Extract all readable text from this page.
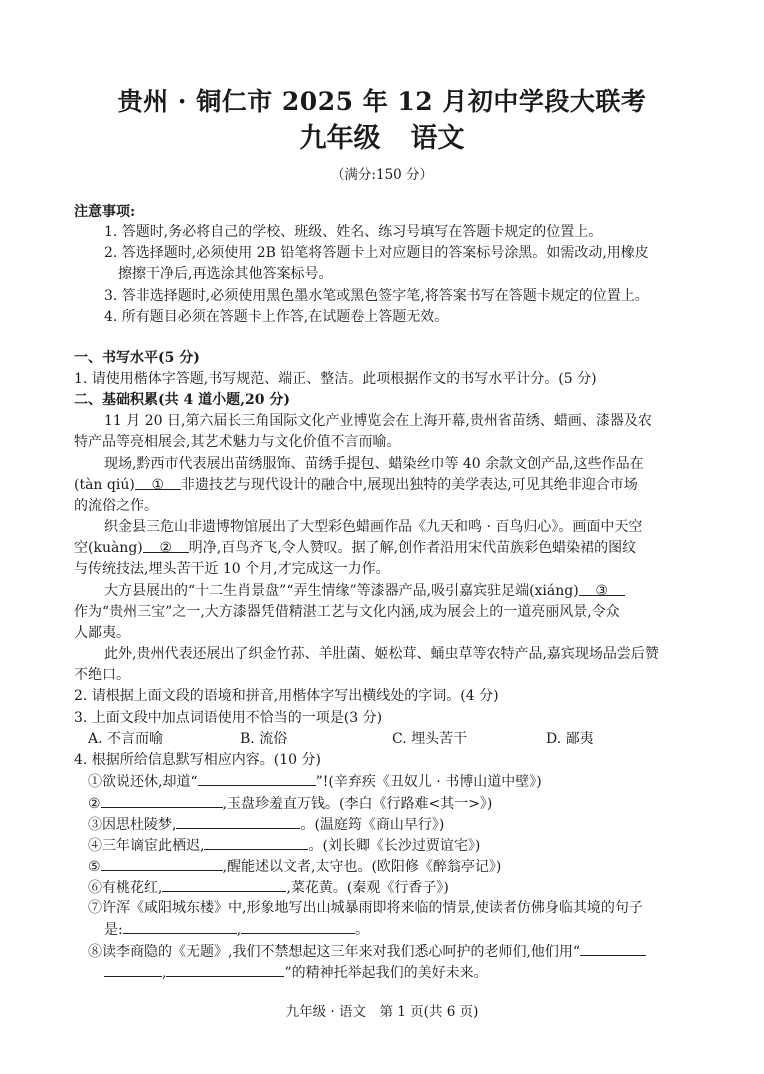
贵州 · 铜仁市 2025 年 12 月初中学段大联考
九年级 语文
（满分:150 分）
注意事项:
1. 答题时,务必将自己的学校、班级、姓名、练习号填写在答题卡规定的位置上。
2. 答选择题时,必须使用 2B 铅笔将答题卡上对应题目的答案标号涂黑。如需改动,用橡皮
擦擦干净后,再选涂其他答案标号。
3. 答非选择题时,必须使用黑色墨水笔或黑色签字笔,将答案书写在答题卡规定的位置上。
4. 所有题目必须在答题卡上作答,在试题卷上答题无效。
一、书写水平(5 分)
1. 请使用楷体字答题,书写规范、端正、整洁。此项根据作文的书写水平计分。(5 分)
二、基础积累(共 4 道小题,20 分)
11 月 20 日,第六届长三角国际文化产业博览会在上海开幕,贵州省苗绣、蜡画、漆器及农
特产品等亮相展会,其艺术魅力与文化价值不言而喻。
现场,黔西市代表展出苗绣服饰、苗绣手提包、蜡染丝巾等 40 余款文创产品,这些作品在
(tàn qiú) ① 非遗技艺与现代设计的融合中,展现出独特的美学表达,可见其绝非迎合市场
的流俗之作。
织金县三危山非遗博物馆展出了大型彩色蜡画作品《九天和鸣 · 百鸟归心》。画面中天空
空(kuàng) ② 明净,百鸟齐飞,令人赞叹。据了解,创作者沿用宋代苗族彩色蜡染裙的图纹
与传统技法,埋头苦干近 10 个月,才完成这一力作。
大方县展出的“十二生肖景盘”“弄生情缘”等漆器产品,吸引嘉宾驻足端(xiáng) ③
作为“贵州三宝”之一,大方漆器凭借精湛工艺与文化内涵,成为展会上的一道亮丽风景,令众
人鄙夷。
此外,贵州代表还展出了织金竹荪、羊肚菌、姬松茸、蛹虫草等农特产品,嘉宾现场品尝后赞
不绝口。
2. 请根据上面文段的语境和拼音,用楷体字写出横线处的字词。(4 分)
3. 上面文段中加点词语使用不恰当的一项是(3 分)
A. 不言而喻	B. 流俗	C. 埋头苦干	D. 鄙夷
4. 根据所给信息默写相应内容。(10 分)
①欲说还休,却道“	”!(辛弃疾《丑奴儿 · 书博山道中壁》)
②	,玉盘珍羞直万钱。(李白《行路难<其一>》)
③因思杜陵梦,	。(温庭筠《商山早行》)
④三年谪宦此栖迟,	。(刘长卿《长沙过贾谊宅》)
⑤	,醒能述以文者,太守也。(欧阳修《醉翁亭记》)
⑥有桃花红,	,菜花黄。(秦观《行香子》)
⑦许浑《咸阳城东楼》中,形象地写出山城暴雨即将来临的情景,使读者仿佛身临其境的句子
是:	,	。
⑧读李商隐的《无题》,我们不禁想起这三年来对我们悉心呵护的老师们,他们用“
,	”的精神托举起我们的美好未来。
九年级 · 语文　第 1 页(共 6 页)
